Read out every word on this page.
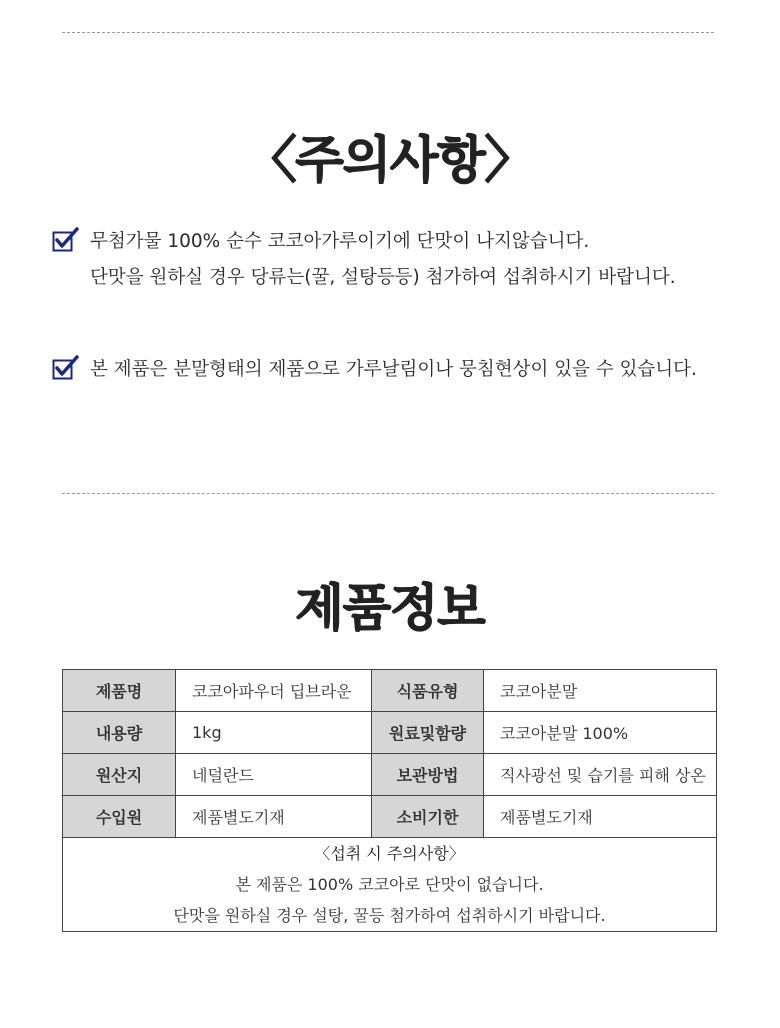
〈주의사항〉
무첨가물 100% 순수 코코아가루이기에 단맛이 나지않습니다.
단맛을 원하실 경우 당류는(꿀, 설탕등등) 첨가하여 섭취하시기 바랍니다.
본 제품은 분말형태의 제품으로 가루날림이나 뭉침현상이 있을 수 있습니다.
제품정보
제품명	코코아파우더 딥브라운	식품유형	코코아분말
내용량	1kg	원료및함량	코코아분말 100%
원산지	네덜란드	보관방법	직사광선 및 습기를 피해 상온
수입원	제품별도기재	소비기한	제품별도기재

〈섭취 시 주의사항〉
본 제품은 100% 코코아로 단맛이 없습니다.
단맛을 원하실 경우 설탕, 꿀등 첨가하여 섭취하시기 바랍니다.			
